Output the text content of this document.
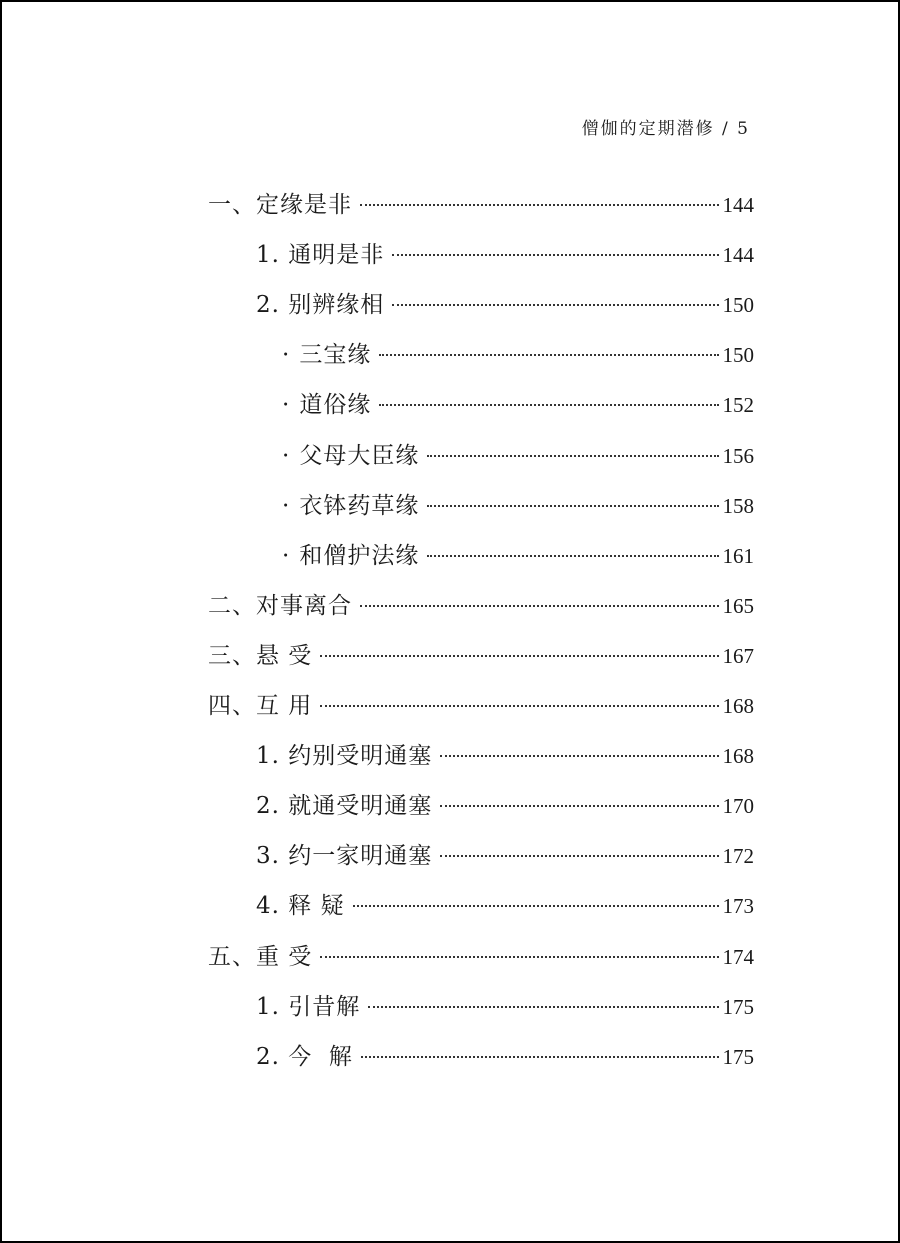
僧伽的定期潜修 / 5
一、定缘是非	144
1. 通明是非	144
2. 别辨缘相	150
· 三宝缘	150
· 道俗缘	152
· 父母大臣缘	156
· 衣钵药草缘	158
· 和僧护法缘	161
二、对事离合	165
三、悬 受	167
四、互 用	168
1. 约别受明通塞	168
2. 就通受明通塞	170
3. 约一家明通塞	172
4. 释 疑	173
五、重 受	174
1. 引昔解	175
2. 今  解	175
